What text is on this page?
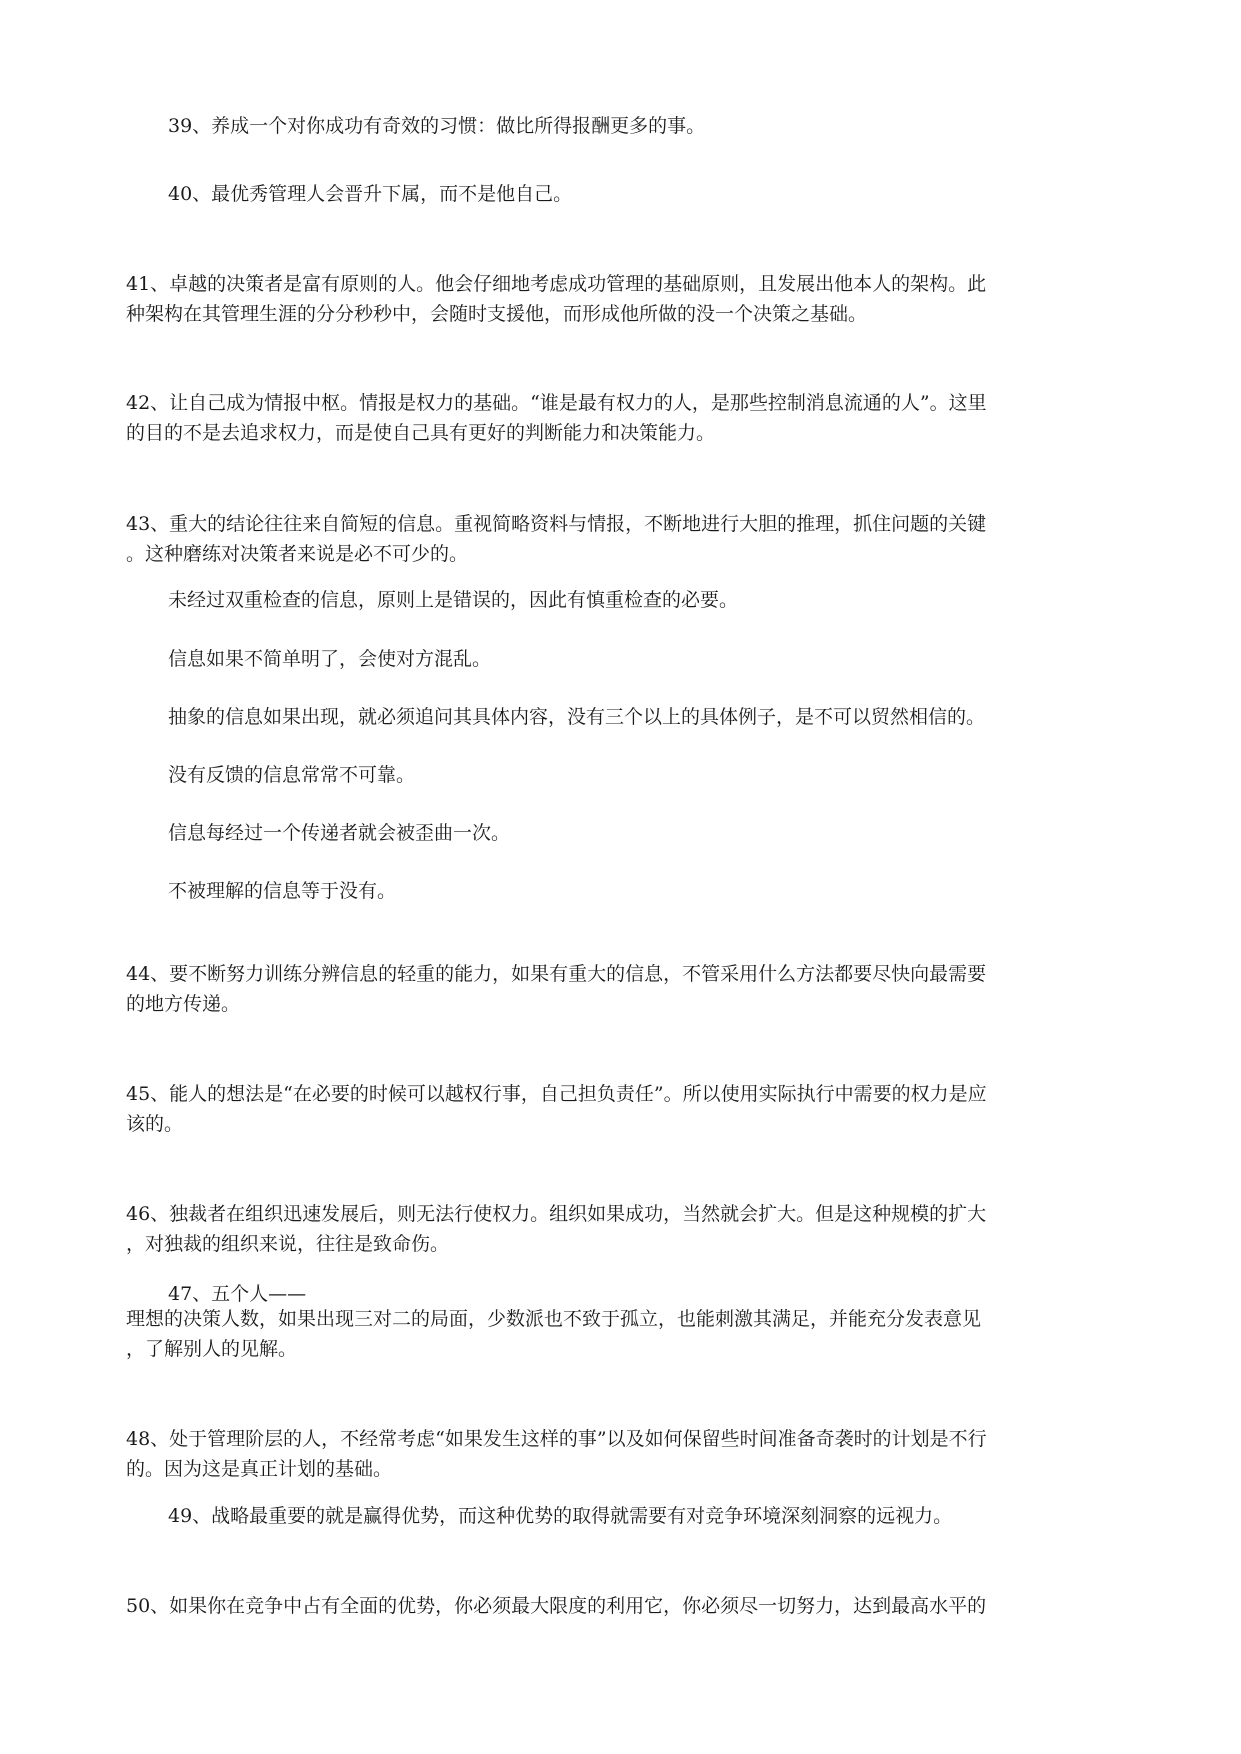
39、养成一个对你成功有奇效的习惯：做比所得报酬更多的事。
40、最优秀管理人会晋升下属，而不是他自己。
41、卓越的决策者是富有原则的人。他会仔细地考虑成功管理的基础原则，且发展出他本人的架构。此
种架构在其管理生涯的分分秒秒中，会随时支援他，而形成他所做的没一个决策之基础。
42、让自己成为情报中枢。情报是权力的基础。“谁是最有权力的人，是那些控制消息流通的人”。这里
的目的不是去追求权力，而是使自己具有更好的判断能力和决策能力。
43、重大的结论往往来自简短的信息。重视简略资料与情报，不断地进行大胆的推理，抓住问题的关键
。这种磨练对决策者来说是必不可少的。
未经过双重检查的信息，原则上是错误的，因此有慎重检查的必要。
信息如果不简单明了，会使对方混乱。
抽象的信息如果出现，就必须追问其具体内容，没有三个以上的具体例子，是不可以贸然相信的。
没有反馈的信息常常不可靠。
信息每经过一个传递者就会被歪曲一次。
不被理解的信息等于没有。
44、要不断努力训练分辨信息的轻重的能力，如果有重大的信息，不管采用什么方法都要尽快向最需要
的地方传递。
45、能人的想法是“在必要的时候可以越权行事，自己担负责任”。所以使用实际执行中需要的权力是应
该的。
46、独裁者在组织迅速发展后，则无法行使权力。组织如果成功，当然就会扩大。但是这种规模的扩大
，对独裁的组织来说，往往是致命伤。
47、五个人——
理想的决策人数，如果出现三对二的局面，少数派也不致于孤立，也能刺激其满足，并能充分发表意见
，了解别人的见解。
48、处于管理阶层的人，不经常考虑“如果发生这样的事”以及如何保留些时间准备奇袭时的计划是不行
的。因为这是真正计划的基础。
49、战略最重要的就是赢得优势，而这种优势的取得就需要有对竞争环境深刻洞察的远视力。
50、如果你在竞争中占有全面的优势，你必须最大限度的利用它，你必须尽一切努力，达到最高水平的
